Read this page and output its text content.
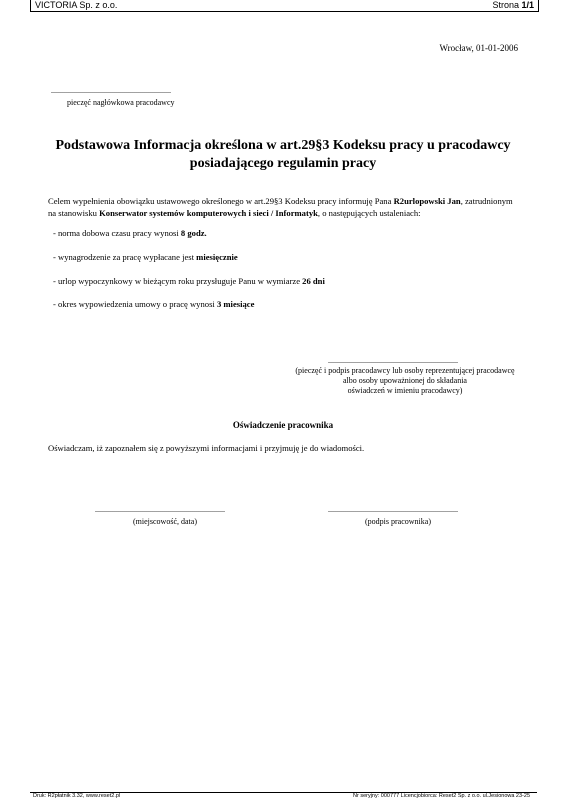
VICTORIA Sp. z o.o.	Strona 1/1
Wrocław, 01-01-2006
............................................................
pieczęć nagłówkowa pracodawcy
Podstawowa Informacja określona w art.29§3 Kodeksu pracy u pracodawcy
posiadającego regulamin pracy
Celem wypełnienia obowiązku ustawowego określonego w art.29§3 Kodeksu pracy informuję Pana R2urlopowski Jan, zatrudnionym na stanowisku Konserwator systemów komputerowych i sieci / Informatyk, o następujących ustaleniach:
- norma dobowa czasu pracy wynosi 8 godz.
- wynagrodzenie za pracę wypłacane jest miesięcznie
- urlop wypoczynkowy w bieżącym roku przysługuje Panu w wymiarze 26 dni
- okres wypowiedzenia umowy o pracę wynosi 3 miesiące
.................................................................
(pieczęć i podpis pracodawcy lub osoby reprezentującej pracodawcę
albo osoby upoważnionej do składania
oświadczeń w imieniu pracodawcy)
Oświadczenie pracownika
Oświadczam, iż zapoznałem się z powyższymi informacjami i przyjmuję je do wiadomości.
.................................................................
(miejscowość, data)
.................................................................
(podpis pracownika)
Druk: R2płatnik 3.32, www.reset2.pl	Nr seryjny: 000777 Licencjobiorca: Reset2 Sp. z o.o. ul.Jesionowa 23-25
